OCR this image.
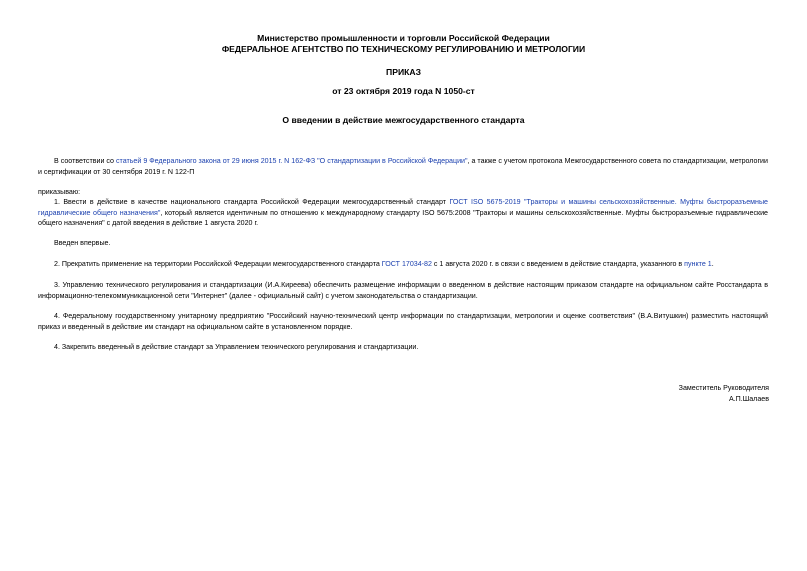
Министерство промышленности и торговли Российской Федерации
ФЕДЕРАЛЬНОЕ АГЕНТСТВО ПО ТЕХНИЧЕСКОМУ РЕГУЛИРОВАНИЮ И МЕТРОЛОГИИ
ПРИКАЗ
от 23 октября 2019 года N 1050-ст
О введении в действие межгосударственного стандарта
В соответствии со статьей 9 Федерального закона от 29 июня 2015 г. N 162-ФЗ "О стандартизации в Российской Федерации", а также с учетом протокола Межгосударственного совета по стандартизации, метрологии и сертификации от 30 сентября 2019 г. N 122-П
приказываю:
1. Ввести в действие в качестве национального стандарта Российской Федерации межгосударственный стандарт ГОСТ ISO 5675-2019 "Тракторы и машины сельскохозяйственные. Муфты быстроразъемные гидравлические общего назначения", который является идентичным по отношению к международному стандарту ISO 5675:2008 "Тракторы и машины сельскохозяйственные. Муфты быстроразъемные гидравлические общего назначения" с датой введения в действие 1 августа 2020 г.
Введен впервые.
2. Прекратить применение на территории Российской Федерации межгосударственного стандарта ГОСТ 17034-82 с 1 августа 2020 г. в связи с введением в действие стандарта, указанного в пункте 1.
3. Управлению технического регулирования и стандартизации (И.А.Киреева) обеспечить размещение информации о введенном в действие настоящим приказом стандарте на официальном сайте Росстандарта в информационно-телекоммуникационной сети "Интернет" (далее - официальный сайт) с учетом законодательства о стандартизации.
4. Федеральному государственному унитарному предприятию "Российский научно-технический центр информации по стандартизации, метрологии и оценке соответствия" (В.А.Витушкин) разместить настоящий приказ и введенный в действие им стандарт на официальном сайте в установленном порядке.
4. Закрепить введенный в действие стандарт за Управлением технического регулирования и стандартизации.
Заместитель Руководителя
А.П.Шалаев
